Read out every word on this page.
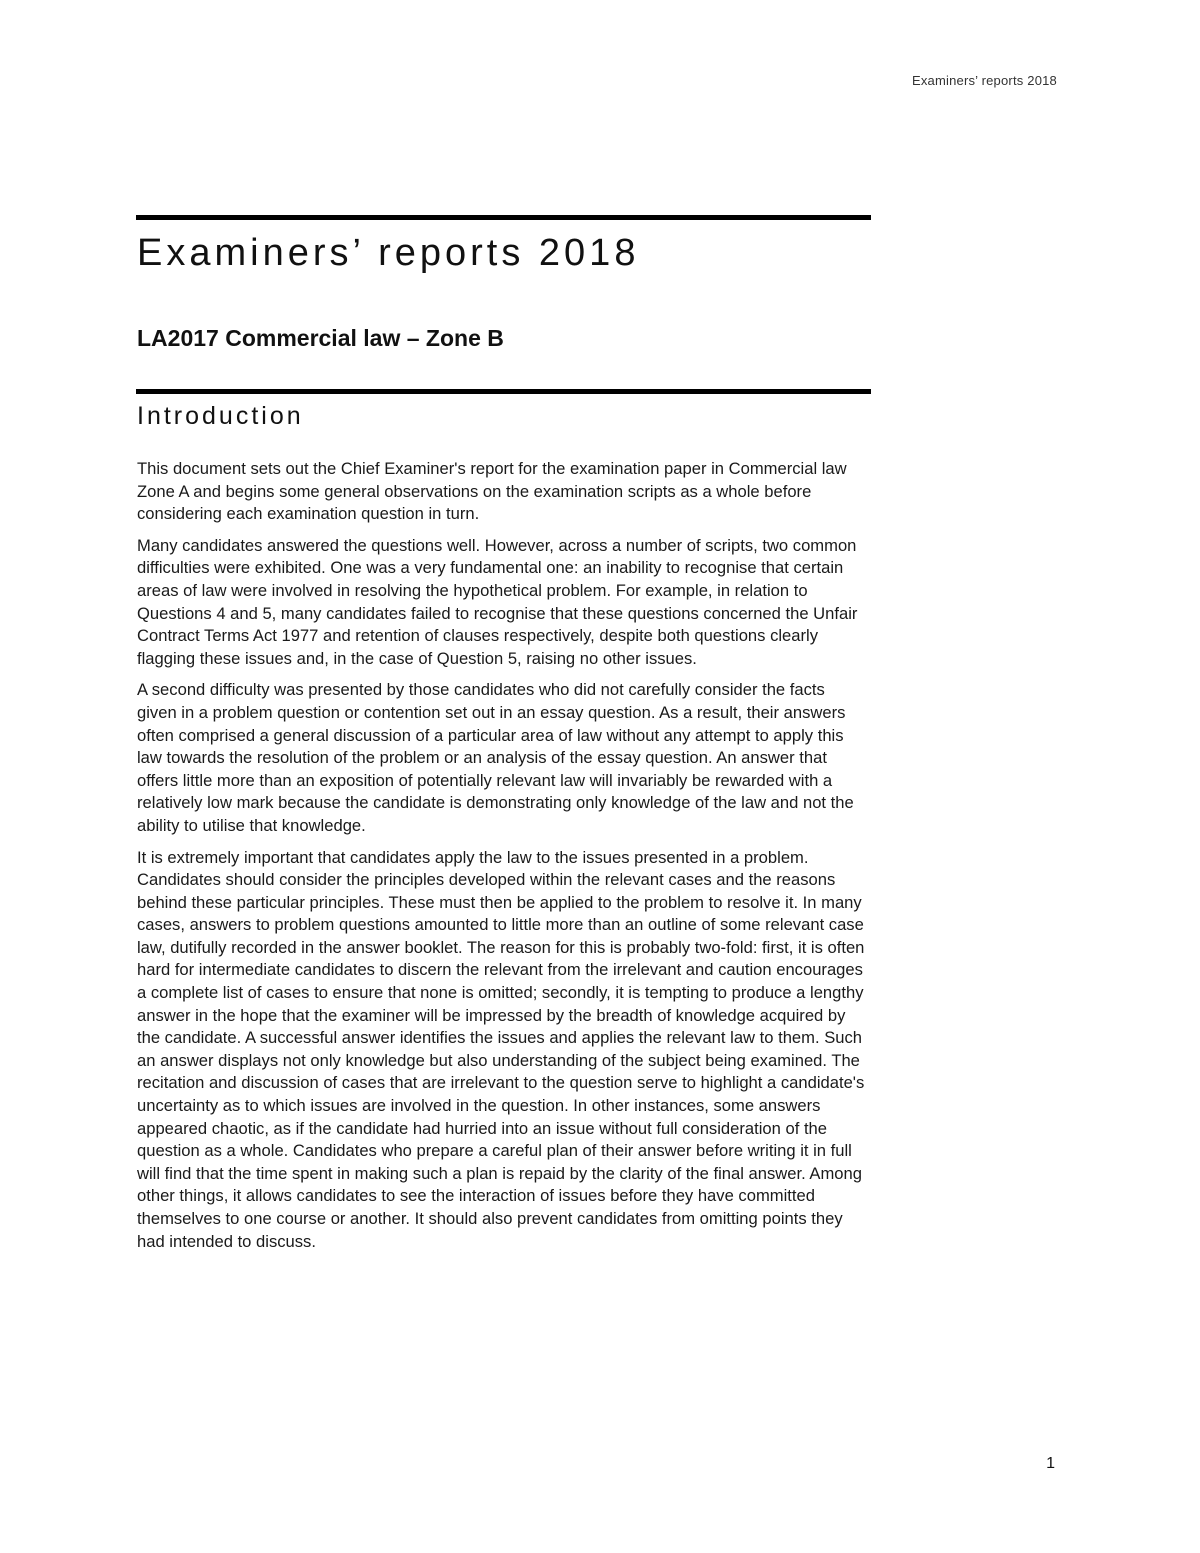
Examiners’ reports 2018
Examiners’ reports 2018
LA2017 Commercial law – Zone B
Introduction

This document sets out the Chief Examiner's report for the examination paper in Commercial law Zone A and begins some general observations on the examination scripts as a whole before considering each examination question in turn.

Many candidates answered the questions well. However, across a number of scripts, two common difficulties were exhibited. One was a very fundamental one: an inability to recognise that certain areas of law were involved in resolving the hypothetical problem. For example, in relation to Questions 4 and 5, many candidates failed to recognise that these questions concerned the Unfair Contract Terms Act 1977 and retention of clauses respectively, despite both questions clearly flagging these issues and, in the case of Question 5, raising no other issues.

A second difficulty was presented by those candidates who did not carefully consider the facts given in a problem question or contention set out in an essay question. As a result, their answers often comprised a general discussion of a particular area of law without any attempt to apply this law towards the resolution of the problem or an analysis of the essay question. An answer that offers little more than an exposition of potentially relevant law will invariably be rewarded with a relatively low mark because the candidate is demonstrating only knowledge of the law and not the ability to utilise that knowledge.

It is extremely important that candidates apply the law to the issues presented in a problem. Candidates should consider the principles developed within the relevant cases and the reasons behind these particular principles. These must then be applied to the problem to resolve it. In many cases, answers to problem questions amounted to little more than an outline of some relevant case law, dutifully recorded in the answer booklet. The reason for this is probably two-fold: first, it is often hard for intermediate candidates to discern the relevant from the irrelevant and caution encourages a complete list of cases to ensure that none is omitted; secondly, it is tempting to produce a lengthy answer in the hope that the examiner will be impressed by the breadth of knowledge acquired by the candidate. A successful answer identifies the issues and applies the relevant law to them. Such an answer displays not only knowledge but also understanding of the subject being examined. The recitation and discussion of cases that are irrelevant to the question serve to highlight a candidate's uncertainty as to which issues are involved in the question. In other instances, some answers appeared chaotic, as if the candidate had hurried into an issue without full consideration of the question as a whole. Candidates who prepare a careful plan of their answer before writing it in full will find that the time spent in making such a plan is repaid by the clarity of the final answer. Among other things, it allows candidates to see the interaction of issues before they have committed themselves to one course or another. It should also prevent candidates from omitting points they had intended to discuss.

1
